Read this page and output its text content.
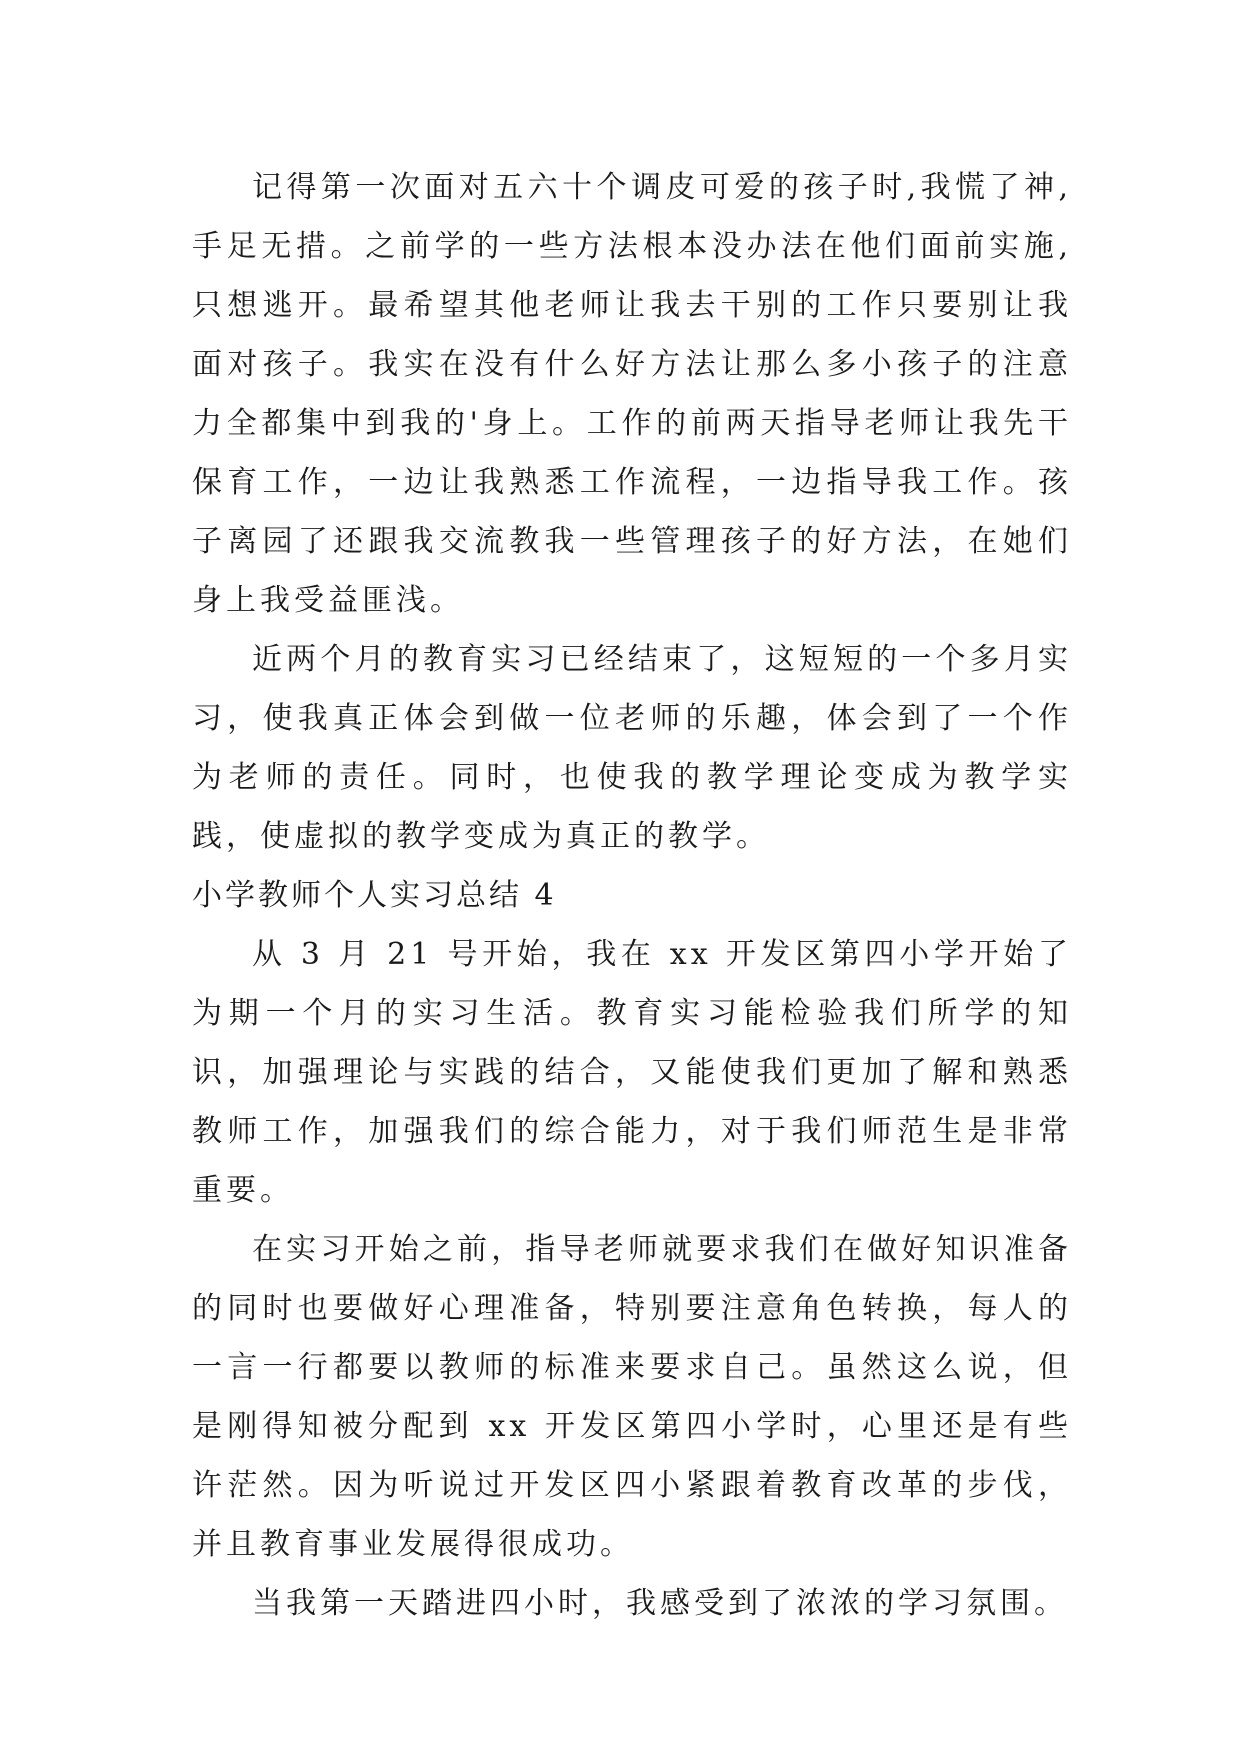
记得第一次面对五六十个调皮可爱的孩子时,我慌了神,手足无措。之前学的一些方法根本没办法在他们面前实施,只想逃开。最希望其他老师让我去干别的工作只要别让我面对孩子。我实在没有什么好方法让那么多小孩子的注意力全都集中到我的'身上。工作的前两天指导老师让我先干保育工作，一边让我熟悉工作流程，一边指导我工作。孩子离园了还跟我交流教我一些管理孩子的好方法，在她们身上我受益匪浅。

近两个月的教育实习已经结束了，这短短的一个多月实习，使我真正体会到做一位老师的乐趣，体会到了一个作为老师的责任。同时，也使我的教学理论变成为教学实践，使虚拟的教学变成为真正的教学。

小学教师个人实习总结 4

从 3 月 21 号开始，我在 xx 开发区第四小学开始了为期一个月的实习生活。教育实习能检验我们所学的知识，加强理论与实践的结合，又能使我们更加了解和熟悉教师工作，加强我们的综合能力，对于我们师范生是非常重要。

在实习开始之前，指导老师就要求我们在做好知识准备的同时也要做好心理准备，特别要注意角色转换，每人的一言一行都要以教师的标准来要求自己。虽然这么说，但是刚得知被分配到 xx 开发区第四小学时，心里还是有些许茫然。因为听说过开发区四小紧跟着教育改革的步伐，并且教育事业发展得很成功。

当我第一天踏进四小时，我感受到了浓浓的学习氛围。
